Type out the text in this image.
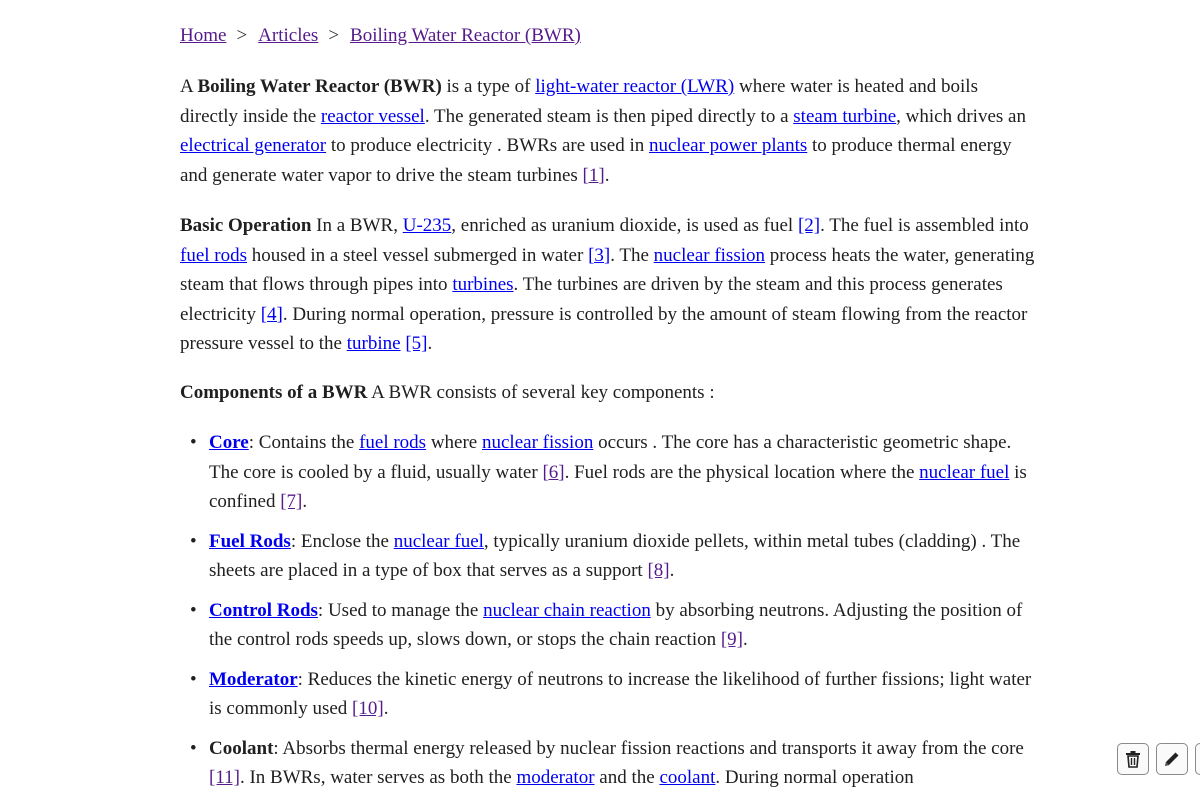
Home > Articles > Boiling Water Reactor (BWR)

A Boiling Water Reactor (BWR) is a type of light-water reactor (LWR) where water is heated and boils directly inside the reactor vessel. The generated steam is then piped directly to a steam turbine, which drives an electrical generator to produce electricity . BWRs are used in nuclear power plants to produce thermal energy and generate water vapor to drive the steam turbines [1].

Basic Operation In a BWR, U-235, enriched as uranium dioxide, is used as fuel [2]. The fuel is assembled into fuel rods housed in a steel vessel submerged in water [3]. The nuclear fission process heats the water, generating steam that flows through pipes into turbines. The turbines are driven by the steam and this process generates electricity [4]. During normal operation, pressure is controlled by the amount of steam flowing from the reactor pressure vessel to the turbine [5].

Components of a BWR A BWR consists of several key components :

• Core: Contains the fuel rods where nuclear fission occurs . The core has a characteristic geometric shape. The core is cooled by a fluid, usually water [6]. Fuel rods are the physical location where the nuclear fuel is confined [7].
• Fuel Rods: Enclose the nuclear fuel, typically uranium dioxide pellets, within metal tubes (cladding) . The sheets are placed in a type of box that serves as a support [8].
• Control Rods: Used to manage the nuclear chain reaction by absorbing neutrons. Adjusting the position of the control rods speeds up, slows down, or stops the chain reaction [9].
• Moderator: Reduces the kinetic energy of neutrons to increase the likelihood of further fissions; light water is commonly used [10].
• Coolant: Absorbs thermal energy released by nuclear fission reactions and transports it away from the core [11]. In BWRs, water serves as both the moderator and the coolant. During normal operation
